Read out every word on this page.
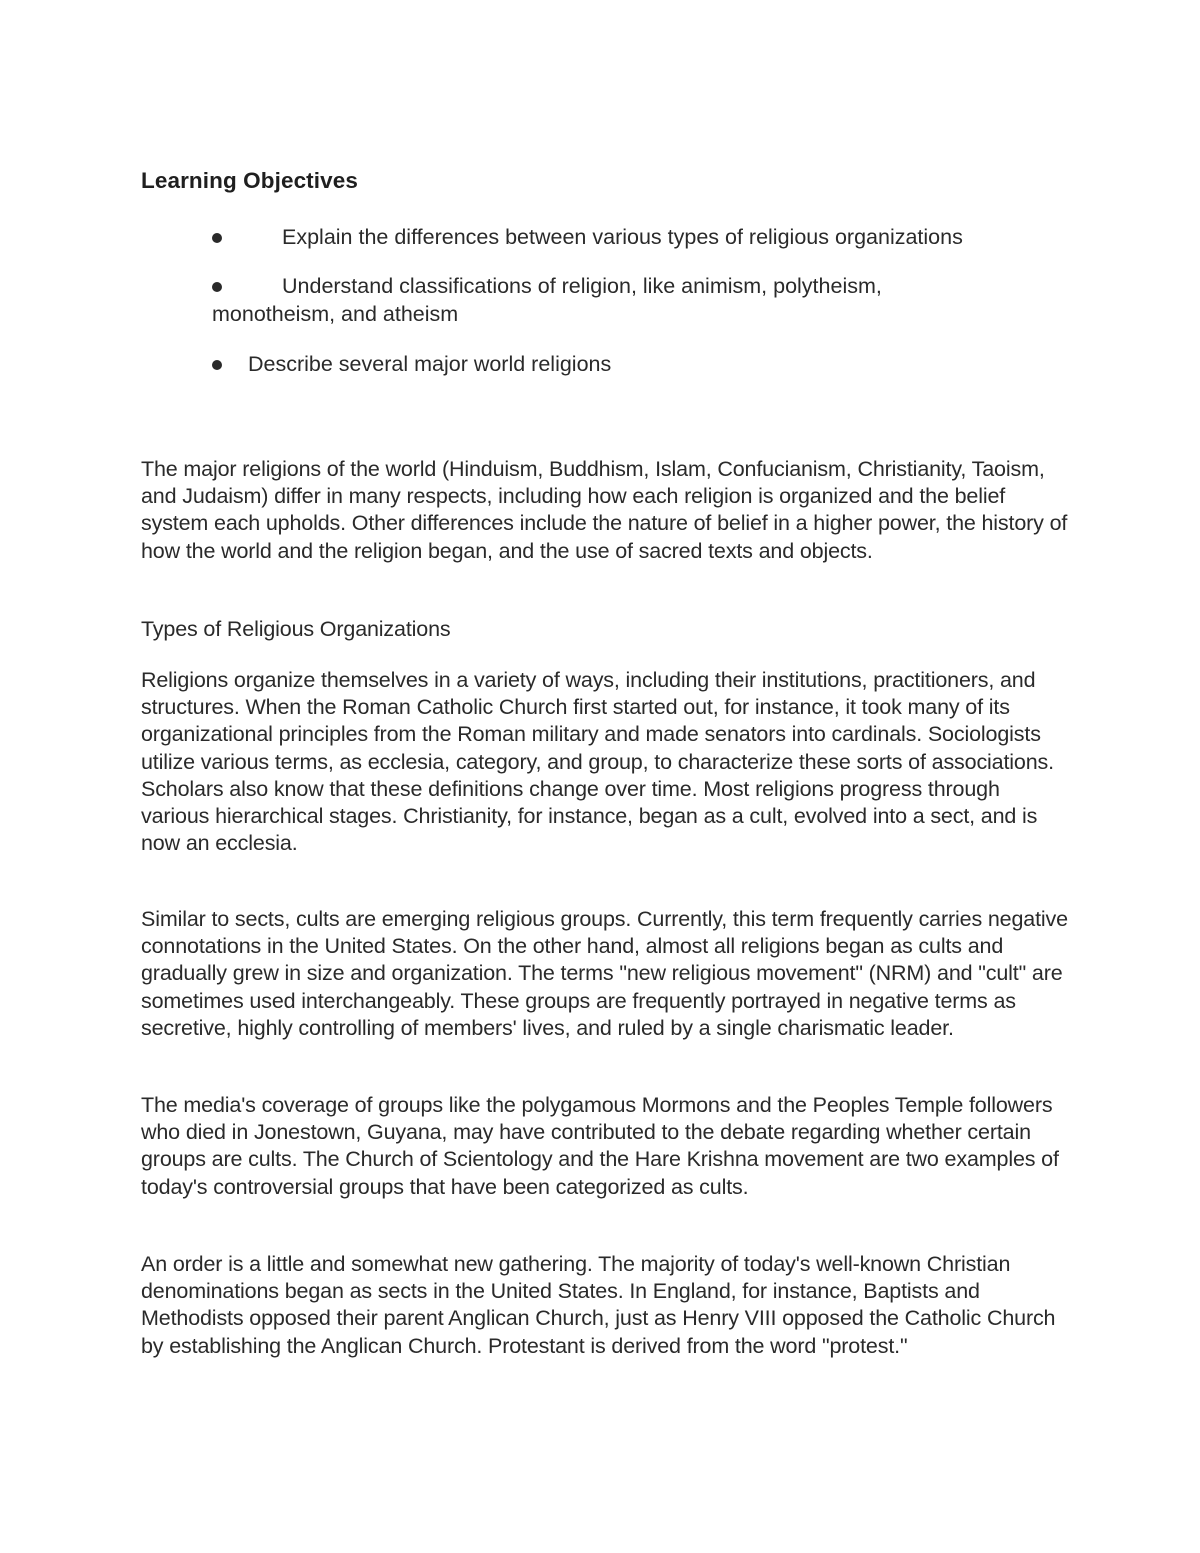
Learning Objectives
Explain the differences between various types of religious organizations
Understand classifications of religion, like animism, polytheism, monotheism, and atheism
Describe several major world religions

The major religions of the world (Hinduism, Buddhism, Islam, Confucianism, Christianity, Taoism, and Judaism) differ in many respects, including how each religion is organized and the belief system each upholds. Other differences include the nature of belief in a higher power, the history of how the world and the religion began, and the use of sacred texts and objects.

Types of Religious Organizations

Religions organize themselves in a variety of ways, including their institutions, practitioners, and structures. When the Roman Catholic Church first started out, for instance, it took many of its organizational principles from the Roman military and made senators into cardinals. Sociologists utilize various terms, as ecclesia, category, and group, to characterize these sorts of associations. Scholars also know that these definitions change over time. Most religions progress through various hierarchical stages. Christianity, for instance, began as a cult, evolved into a sect, and is now an ecclesia.

Similar to sects, cults are emerging religious groups. Currently, this term frequently carries negative connotations in the United States. On the other hand, almost all religions began as cults and gradually grew in size and organization. The terms "new religious movement" (NRM) and "cult" are sometimes used interchangeably. These groups are frequently portrayed in negative terms as secretive, highly controlling of members' lives, and ruled by a single charismatic leader.

The media's coverage of groups like the polygamous Mormons and the Peoples Temple followers who died in Jonestown, Guyana, may have contributed to the debate regarding whether certain groups are cults. The Church of Scientology and the Hare Krishna movement are two examples of today's controversial groups that have been categorized as cults.

An order is a little and somewhat new gathering. The majority of today's well-known Christian denominations began as sects in the United States. In England, for instance, Baptists and Methodists opposed their parent Anglican Church, just as Henry VIII opposed the Catholic Church by establishing the Anglican Church. Protestant is derived from the word "protest."
